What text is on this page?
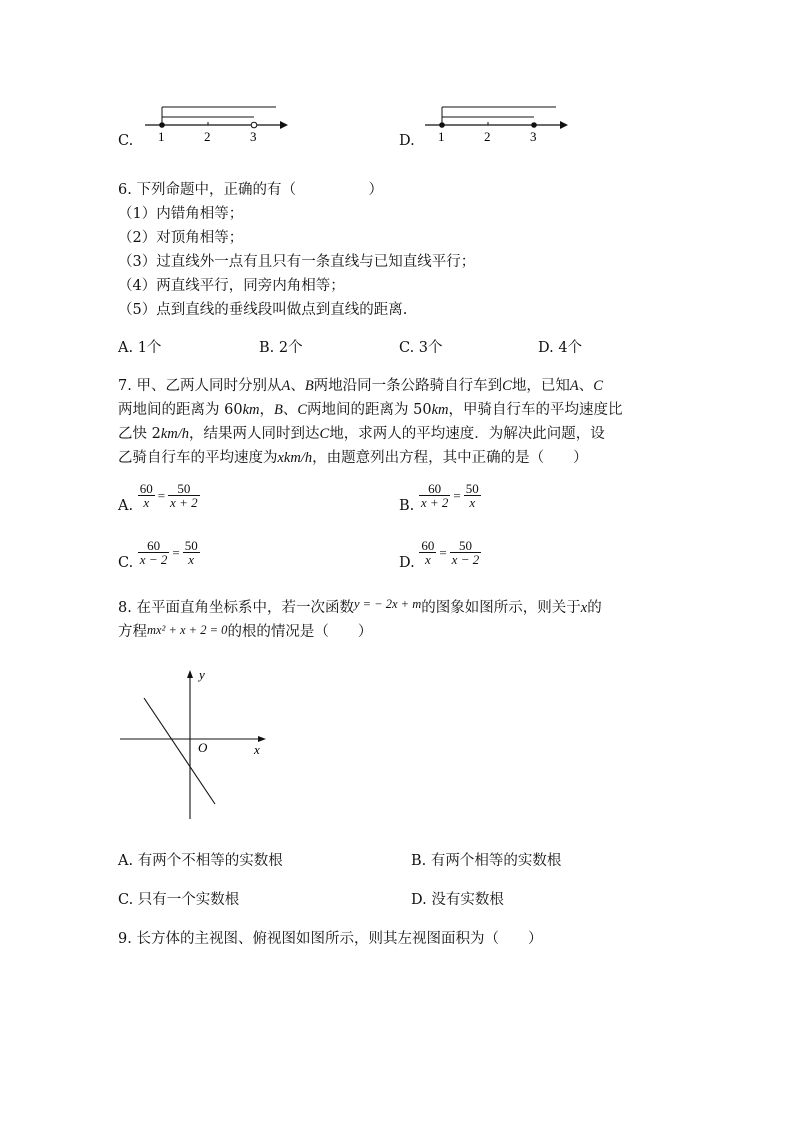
C. 1	2	3	D. 1	2	3
6. 下列命题中，正确的有（　　　　　）
（1）内错角相等；
（2）对顶角相等；
（3）过直线外一点有且只有一条直线与已知直线平行；
（4）两直线平行，同旁内角相等；
（5）点到直线的垂线段叫做点到直线的距离.
A. 1个	B. 2个	C. 3个	D. 4个
7. 甲、乙两人同时分别从A、B两地沿同一条公路骑自行车到C地，已知A、C
两地间的距离为 60km，B、C两地间的距离为 50km，甲骑自行车的平均速度比
乙快 2km/h，结果两人同时到达C地，求两人的平均速度．为解决此问题，设
乙骑自行车的平均速度为xkm/h，由题意列出方程，其中正确的是（　　）
A. $\frac{60}{x} = \frac{50}{x + 2}$	B. $\frac{60}{x + 2} = \frac{50}{x}$
C. $\frac{60}{x - 2} = \frac{50}{x}$	D. $\frac{60}{x} = \frac{50}{x - 2}$
8. 在平面直角坐标系中，若一次函数y = − 2x + m的图象如图所示，则关于x的
方程mx² + x + 2 = 0的根的情况是（　　）
y
x
O
A. 有两个不相等的实数根	B. 有两个相等的实数根
C. 只有一个实数根	D. 没有实数根
9. 长方体的主视图、俯视图如图所示，则其左视图面积为（　　）
